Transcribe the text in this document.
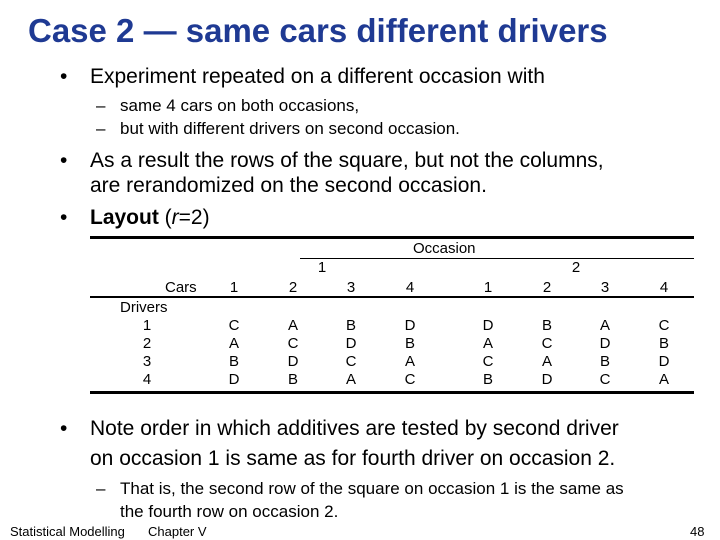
Case 2 — same cars different drivers
• Experiment repeated on a different occasion with
– same 4 cars on both occasions,
– but with different drivers on second occasion.
• As a result the rows of the square, but not the columns,
are rerandomized on the second occasion.
• Layout (r=2)
Occasion
1	2
Cars	1	2	3	4	1	2	3	4
Drivers
1	C	A	B	D	D	B	A	C
2	A	C	D	B	A	C	D	B
3	B	D	C	A	C	A	B	D
4	D	B	A	C	B	D	C	A
• Note order in which additives are tested by second driver
on occasion 1 is same as for fourth driver on occasion 2.
– That is, the second row of the square on occasion 1 is the same as
the fourth row on occasion 2.
Statistical Modelling Chapter V	48
